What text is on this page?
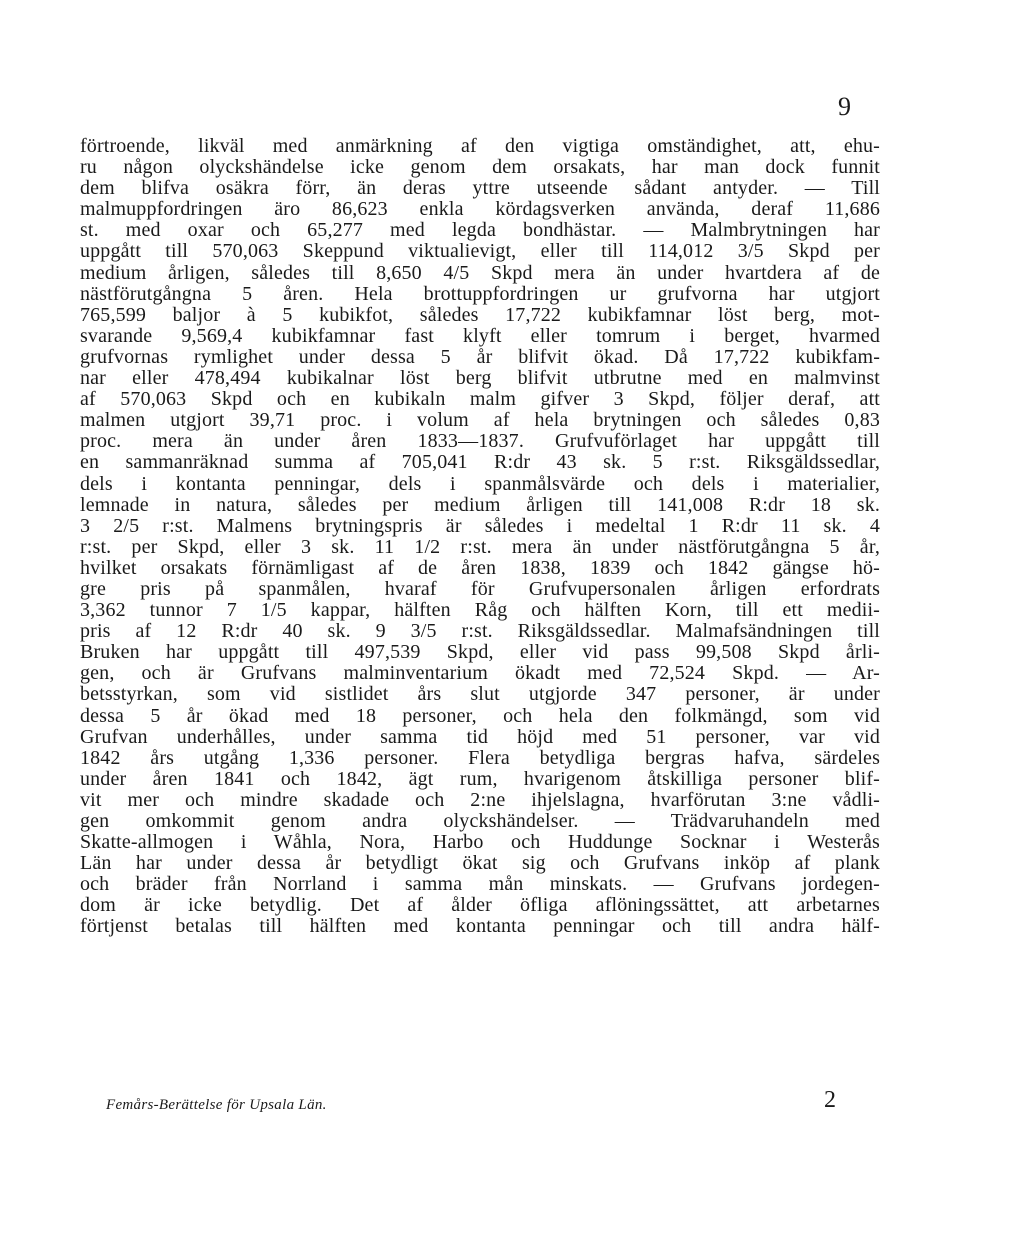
9
förtroende, likväl med anmärkning af den vigtiga omständighet, att, ehu-
ru någon olyckshändelse icke genom dem orsakats, har man dock funnit
dem blifva osäkra förr, än deras yttre utseende sådant antyder. — Till
malmuppfordringen äro 86,623 enkla kördagsverken använda, deraf 11,686
st. med oxar och 65,277 med legda bondhästar. — Malmbrytningen har
uppgått till 570,063 Skeppund viktualievigt, eller till 114,012 3/5 Skpd per
medium årligen, således till 8,650 4/5 Skpd mera än under hvartdera af de
nästförutgångna 5 åren. Hela brottuppfordringen ur grufvorna har utgjort
765,599 baljor à 5 kubikfot, således 17,722 kubikfamnar löst berg, mot-
svarande 9,569,4 kubikfamnar fast klyft eller tomrum i berget, hvarmed
grufvornas rymlighet under dessa 5 år blifvit ökad. Då 17,722 kubikfam-
nar eller 478,494 kubikalnar löst berg blifvit utbrutne med en malmvinst
af 570,063 Skpd och en kubikaln malm gifver 3 Skpd, följer deraf, att
malmen utgjort 39,71 proc. i volum af hela brytningen och således 0,83
proc. mera än under åren 1833—1837. Grufvuförlaget har uppgått till
en sammanräknad summa af 705,041 R:dr 43 sk. 5 r:st. Riksgäldssedlar,
dels i kontanta penningar, dels i spanmålsvärde och dels i materialier,
lemnade in natura, således per medium årligen till 141,008 R:dr 18 sk.
3 2/5 r:st. Malmens brytningspris är således i medeltal 1 R:dr 11 sk. 4
r:st. per Skpd, eller 3 sk. 11 1/2 r:st. mera än under nästförutgångna 5 år,
hvilket orsakats förnämligast af de åren 1838, 1839 och 1842 gängse hö-
gre pris på spanmålen, hvaraf för Grufvupersonalen årligen erfordrats
3,362 tunnor 7 1/5 kappar, hälften Råg och hälften Korn, till ett medii-
pris af 12 R:dr 40 sk. 9 3/5 r:st. Riksgäldssedlar. Malmafsändningen till
Bruken har uppgått till 497,539 Skpd, eller vid pass 99,508 Skpd årli-
gen, och är Grufvans malminventarium ökadt med 72,524 Skpd. — Ar-
betsstyrkan, som vid sistlidet års slut utgjorde 347 personer, är under
dessa 5 år ökad med 18 personer, och hela den folkmängd, som vid
Grufvan underhålles, under samma tid höjd med 51 personer, var vid
1842 års utgång 1,336 personer. Flera betydliga bergras hafva, särdeles
under åren 1841 och 1842, ägt rum, hvarigenom åtskilliga personer blif-
vit mer och mindre skadade och 2:ne ihjelslagna, hvarförutan 3:ne vådli-
gen omkommit genom andra olyckshändelser. — Trädvaruhandeln med
Skatte-allmogen i Wåhla, Nora, Harbo och Huddunge Socknar i Westerås
Län har under dessa år betydligt ökat sig och Grufvans inköp af plank
och bräder från Norrland i samma mån minskats. — Grufvans jordegen-
dom är icke betydlig. Det af ålder öfliga aflöningssättet, att arbetarnes
förtjenst betalas till hälften med kontanta penningar och till andra hälf-
Femårs-Berättelse för Upsala Län.	2
